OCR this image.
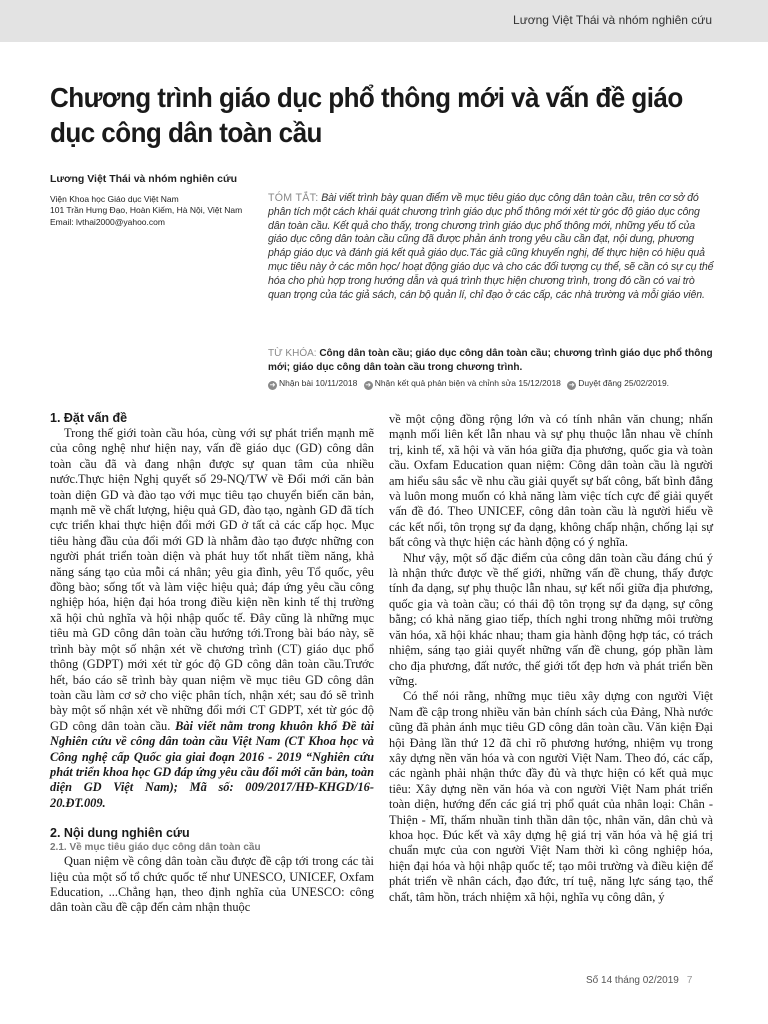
Lương Việt Thái và nhóm nghiên cứu
Chương trình giáo dục phổ thông mới và vấn đề giáo dục công dân toàn cầu
Lương Việt Thái và nhóm nghiên cứu
Viện Khoa học Giáo dục Việt Nam
101 Trần Hưng Đạo, Hoàn Kiếm, Hà Nội, Việt Nam
Email: lvthai2000@yahoo.com

TÓM TẮT: Bài viết trình bày quan điểm về mục tiêu giáo dục công dân toàn cầu, trên cơ sở đó phân tích một cách khái quát chương trình giáo dục phổ thông mới xét từ góc độ giáo dục công dân toàn cầu. Kết quả cho thấy, trong chương trình giáo dục phổ thông mới, những yếu tố của giáo dục công dân toàn cầu cũng đã được phản ánh trong yêu cầu cần đạt, nội dung, phương pháp giáo dục và đánh giá kết quả giáo dục.Tác giả cũng khuyến nghị, để thực hiện có hiệu quả mục tiêu này ở các môn học/ hoạt động giáo dục và cho các đối tượng cụ thể, sẽ cần có sự cụ thể hóa cho phù hợp trong hướng dẫn và quá trình thực hiện chương trình, trong đó cần có vai trò quan trọng của tác giả sách, cán bộ quản lí, chỉ đạo ở các cấp, các nhà trường và mỗi giáo viên.

TỪ KHÓA: Công dân toàn cầu; giáo dục công dân toàn cầu; chương trình giáo dục phổ thông mới; giáo dục công dân toàn cầu trong chương trình.

➜ Nhận bài 10/11/2018 ➜ Nhận kết quả phản biện và chỉnh sửa 15/12/2018 ➜ Duyệt đăng 25/02/2019.

1. Đặt vấn đề

Trong thế giới toàn cầu hóa, cùng với sự phát triển mạnh mẽ của công nghệ như hiện nay, vấn đề giáo dục (GD) công dân toàn cầu đã và đang nhận được sự quan tâm của nhiều nước.Thực hiện Nghị quyết số 29-NQ/TW về Đổi mới căn bản toàn diện GD và đào tạo với mục tiêu tạo chuyển biến căn bản, mạnh mẽ về chất lượng, hiệu quả GD, đào tạo, ngành GD đã tích cực triển khai thực hiện đổi mới GD ở tất cả các cấp học. Mục tiêu hàng đầu của đổi mới GD là nhằm đào tạo được những con người phát triển toàn diện và phát huy tốt nhất tiềm năng, khả năng sáng tạo của mỗi cá nhân; yêu gia đình, yêu Tổ quốc, yêu đồng bào; sống tốt và làm việc hiệu quả; đáp ứng yêu cầu công nghiệp hóa, hiện đại hóa trong điều kiện nền kinh tế thị trường xã hội chủ nghĩa và hội nhập quốc tế. Đây cũng là những mục tiêu mà GD công dân toàn cầu hướng tới.Trong bài báo này, sẽ trình bày một số nhận xét về chương trình (CT) giáo dục phổ thông (GDPT) mới xét từ góc độ GD công dân toàn cầu.Trước hết, báo cáo sẽ trình bày quan niệm về mục tiêu GD công dân toàn cầu làm cơ sở cho việc phân tích, nhận xét; sau đó sẽ trình bày một số nhận xét về những đổi mới CT GDPT, xét từ góc độ GD công dân toàn cầu. Bài viết nằm trong khuôn khổ Đề tài Nghiên cứu về công dân toàn cầu Việt Nam (CT Khoa học và Công nghệ cấp Quốc gia giai đoạn 2016 - 2019 “Nghiên cứu phát triển khoa học GD đáp ứng yêu cầu đổi mới căn bản, toàn diện GD Việt Nam); Mã số: 009/2017/HĐ-KHGD/16-20.ĐT.009.

2. Nội dung nghiên cứu

2.1. Về mục tiêu giáo dục công dân toàn cầu

Quan niệm về công dân toàn cầu được đề cập tới trong các tài liệu của một số tổ chức quốc tế như UNESCO, UNICEF, Oxfam Education, ...Chẳng hạn, theo định nghĩa của UNESCO: công dân toàn cầu đề cập đến cảm nhận thuộc

về một cộng đồng rộng lớn và có tính nhân văn chung; nhấn mạnh mối liên kết lẫn nhau và sự phụ thuộc lẫn nhau về chính trị, kinh tế, xã hội và văn hóa giữa địa phương, quốc gia và toàn cầu. Oxfam Education quan niệm: Công dân toàn cầu là người am hiểu sâu sắc về nhu cầu giải quyết sự bất công, bất bình đẳng và luôn mong muốn có khả năng làm việc tích cực để giải quyết vấn đề đó. Theo UNICEF, công dân toàn cầu là người hiểu về các kết nối, tôn trọng sự đa dạng, không chấp nhận, chống lại sự bất công và thực hiện các hành động có ý nghĩa.

Như vậy, một số đặc điểm của công dân toàn cầu đáng chú ý là nhận thức được về thế giới, những vấn đề chung, thấy được tính đa dạng, sự phụ thuộc lẫn nhau, sự kết nối giữa địa phương, quốc gia và toàn cầu; có thái độ tôn trọng sự đa dạng, sự công bằng; có khả năng giao tiếp, thích nghi trong những môi trường văn hóa, xã hội khác nhau; tham gia hành động hợp tác, có trách nhiệm, sáng tạo giải quyết những vấn đề chung, góp phần làm cho địa phương, đất nước, thế giới tốt đẹp hơn và phát triển bền vững.

Có thể nói rằng, những mục tiêu xây dựng con người Việt Nam đề cập trong nhiều văn bản chính sách của Đảng, Nhà nước cũng đã phản ánh mục tiêu GD công dân toàn cầu. Văn kiện Đại hội Đảng lần thứ 12 đã chỉ rõ phương hướng, nhiệm vụ trong xây dựng nền văn hóa và con người Việt Nam. Theo đó, các cấp, các ngành phải nhận thức đầy đủ và thực hiện có kết quả mục tiêu: Xây dựng nền văn hóa và con người Việt Nam phát triển toàn diện, hướng đến các giá trị phổ quát của nhân loại: Chân - Thiện - Mĩ, thấm nhuần tinh thần dân tộc, nhân văn, dân chủ và khoa học. Đúc kết và xây dựng hệ giá trị văn hóa và hệ giá trị chuẩn mực của con người Việt Nam thời kì công nghiệp hóa, hiện đại hóa và hội nhập quốc tế; tạo môi trường và điều kiện để phát triển về nhân cách, đạo đức, trí tuệ, năng lực sáng tạo, thể chất, tâm hồn, trách nhiệm xã hội, nghĩa vụ công dân, ý

Số 14 tháng 02/2019 7
